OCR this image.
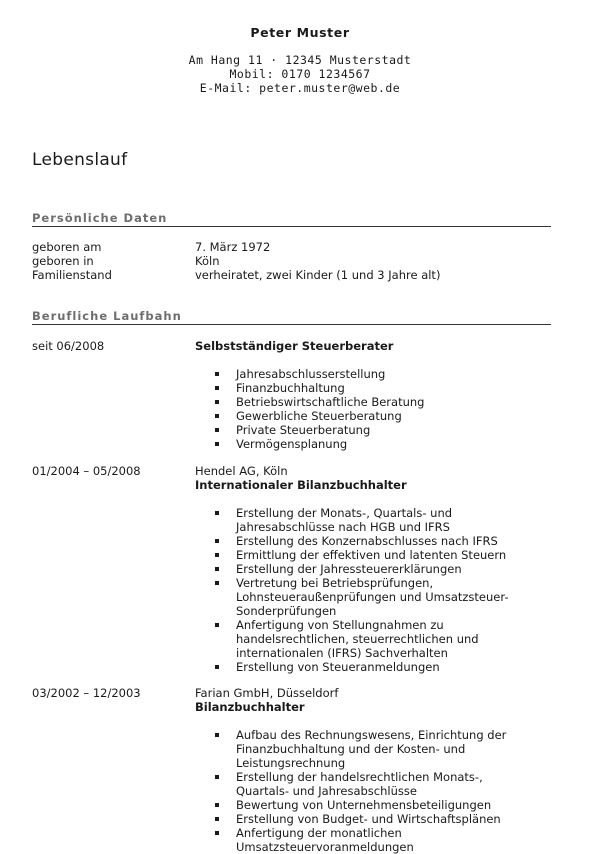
Peter Muster
Am Hang 11 · 12345 Musterstadt
Mobil: 0170 1234567
E-Mail: peter.muster@web.de
Lebenslauf
Persönliche Daten
geboren am	7. März 1972
geboren in	Köln
Familienstand	verheiratet, zwei Kinder (1 und 3 Jahre alt)
Berufliche Laufbahn
seit 06/2008	Selbstständiger Steuerberater
Jahresabschlusserstellung
Finanzbuchhaltung
Betriebswirtschaftliche Beratung
Gewerbliche Steuerberatung
Private Steuerberatung
Vermögensplanung
01/2004 – 05/2008	Hendel AG, Köln
Internationaler Bilanzbuchhalter
Erstellung der Monats-, Quartals- und Jahresabschlüsse nach HGB und IFRS
Erstellung des Konzernabschlusses nach IFRS
Ermittlung der effektiven und latenten Steuern
Erstellung der Jahressteuererklärungen
Vertretung bei Betriebsprüfungen, Lohnsteueraußenprüfungen und Umsatzsteuer-Sonderprüfungen
Anfertigung von Stellungnahmen zu handelsrechtlichen, steuerrechtlichen und internationalen (IFRS) Sachverhalten
Erstellung von Steueranmeldungen
03/2002 – 12/2003	Farian GmbH, Düsseldorf
Bilanzbuchhalter
Aufbau des Rechnungswesens, Einrichtung der Finanzbuchhaltung und der Kosten- und Leistungsrechnung
Erstellung der handelsrechtlichen Monats-, Quartals- und Jahresabschlüsse
Bewertung von Unternehmensbeteiligungen
Erstellung von Budget- und Wirtschaftsplänen
Anfertigung der monatlichen Umsatzsteuervoranmeldungen
